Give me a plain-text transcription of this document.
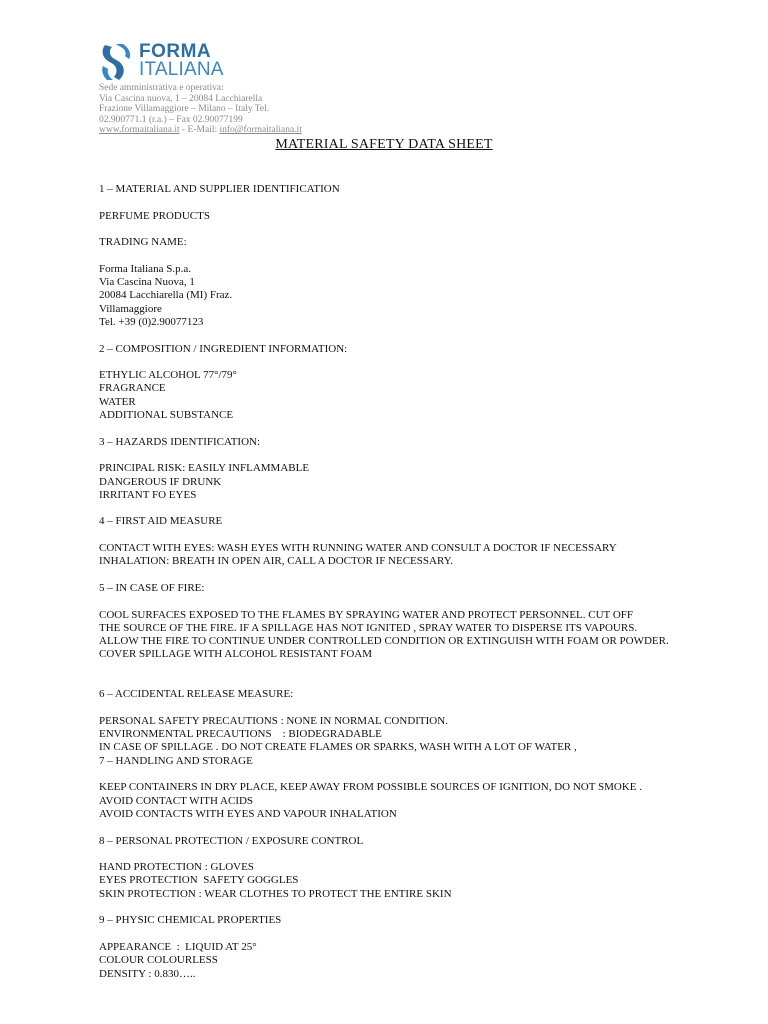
FORMA
ITALIANA
Sede amministrativa e operativa:
Via Cascina nuova, 1 – 20084 Lacchiarella
Frazione Villamaggiore – Milano – Italy Tel.
02.900771.1 (r.a.) – Fax 02.90077199
www.formaitaliana.it - E-Mail: info@formaitaliana.it
MATERIAL SAFETY DATA SHEET
1 – MATERIAL AND SUPPLIER IDENTIFICATION
PERFUME PRODUCTS
TRADING NAME:
Forma Italiana S.p.a.
Via Cascina Nuova, 1
20084 Lacchiarella (MI) Fraz.
Villamaggiore
Tel. +39 (0)2.90077123
2 – COMPOSITION / INGREDIENT INFORMATION:
ETHYLIC ALCOHOL 77°/79°
FRAGRANCE
WATER
ADDITIONAL SUBSTANCE
3 – HAZARDS IDENTIFICATION:
PRINCIPAL RISK: EASILY INFLAMMABLE
DANGEROUS IF DRUNK
IRRITANT FO EYES
4 – FIRST AID MEASURE
CONTACT WITH EYES: WASH EYES WITH RUNNING WATER AND CONSULT A DOCTOR IF NECESSARY
INHALATION: BREATH IN OPEN AIR, CALL A DOCTOR IF NECESSARY.
5 – IN CASE OF FIRE:
COOL SURFACES EXPOSED TO THE FLAMES BY SPRAYING WATER AND PROTECT PERSONNEL. CUT OFF
THE SOURCE OF THE FIRE. IF A SPILLAGE HAS NOT IGNITED , SPRAY WATER TO DISPERSE ITS VAPOURS.
ALLOW THE FIRE TO CONTINUE UNDER CONTROLLED CONDITION OR EXTINGUISH WITH FOAM OR POWDER.
COVER SPILLAGE WITH ALCOHOL RESISTANT FOAM
6 – ACCIDENTAL RELEASE MEASURE:
PERSONAL SAFETY PRECAUTIONS : NONE IN NORMAL CONDITION.
ENVIRONMENTAL PRECAUTIONS    : BIODEGRADABLE
IN CASE OF SPILLAGE . DO NOT CREATE FLAMES OR SPARKS, WASH WITH A LOT OF WATER ,
7 – HANDLING AND STORAGE
KEEP CONTAINERS IN DRY PLACE, KEEP AWAY FROM POSSIBLE SOURCES OF IGNITION, DO NOT SMOKE .
AVOID CONTACT WITH ACIDS
AVOID CONTACTS WITH EYES AND VAPOUR INHALATION
8 – PERSONAL PROTECTION / EXPOSURE CONTROL
HAND PROTECTION : GLOVES
EYES PROTECTION  SAFETY GOGGLES
SKIN PROTECTION : WEAR CLOTHES TO PROTECT THE ENTIRE SKIN
9 – PHYSIC CHEMICAL PROPERTIES
APPEARANCE  :  LIQUID AT 25°
COLOUR COLOURLESS
DENSITY : 0.830…..
